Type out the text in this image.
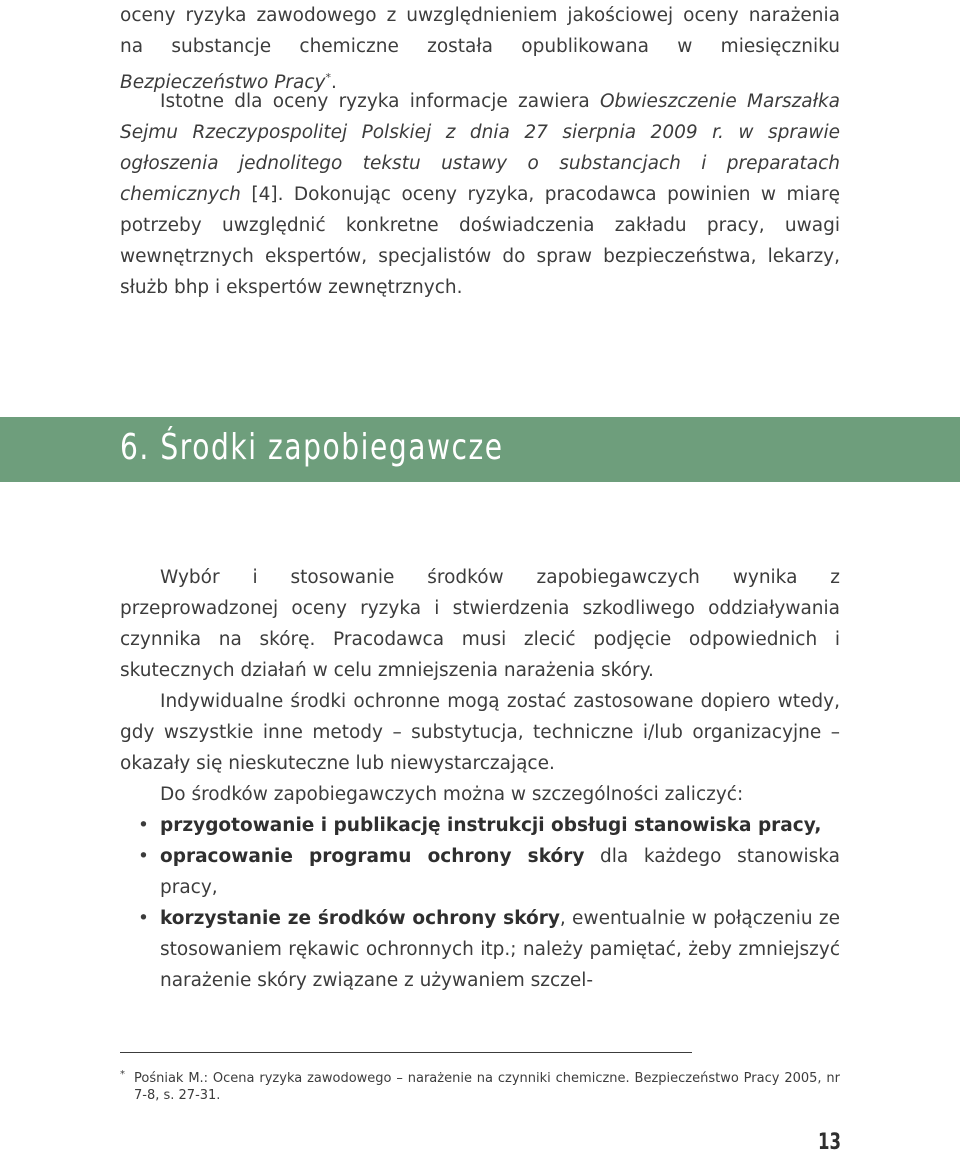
oceny ryzyka zawodowego z uwzględnieniem jakościowej oceny narażenia na substancje chemiczne została opublikowana w miesięczniku Bezpieczeństwo Pracy*.

Istotne dla oceny ryzyka informacje zawiera Obwieszczenie Marszałka Sejmu Rzeczypospolitej Polskiej z dnia 27 sierpnia 2009 r. w sprawie ogłoszenia jednolitego tekstu ustawy o substancjach i preparatach chemicznych [4]. Dokonując oceny ryzyka, pracodawca powinien w miarę potrzeby uwzględnić konkretne doświadczenia zakładu pracy, uwagi wewnętrznych ekspertów, specjalistów do spraw bezpieczeństwa, lekarzy, służb bhp i ekspertów zewnętrznych.

6. Środki zapobiegawcze

Wybór i stosowanie środków zapobiegawczych wynika z przeprowadzonej oceny ryzyka i stwierdzenia szkodliwego oddziaływania czynnika na skórę. Pracodawca musi zlecić podjęcie odpowiednich i skutecznych działań w celu zmniejszenia narażenia skóry.

Indywidualne środki ochronne mogą zostać zastosowane dopiero wtedy, gdy wszystkie inne metody – substytucja, techniczne i/lub organizacyjne – okazały się nieskuteczne lub niewystarczające.

Do środków zapobiegawczych można w szczególności zaliczyć:

• przygotowanie i publikację instrukcji obsługi stanowiska pracy,
• opracowanie programu ochrony skóry dla każdego stanowiska pracy,
• korzystanie ze środków ochrony skóry, ewentualnie w połączeniu ze stosowaniem rękawic ochronnych itp.; należy pamiętać, żeby zmniejszyć narażenie skóry związane z używaniem szczel-
* Pośniak M.: Ocena ryzyka zawodowego – narażenie na czynniki chemiczne. Bezpieczeństwo Pracy 2005, nr 7-8, s. 27-31.
13
